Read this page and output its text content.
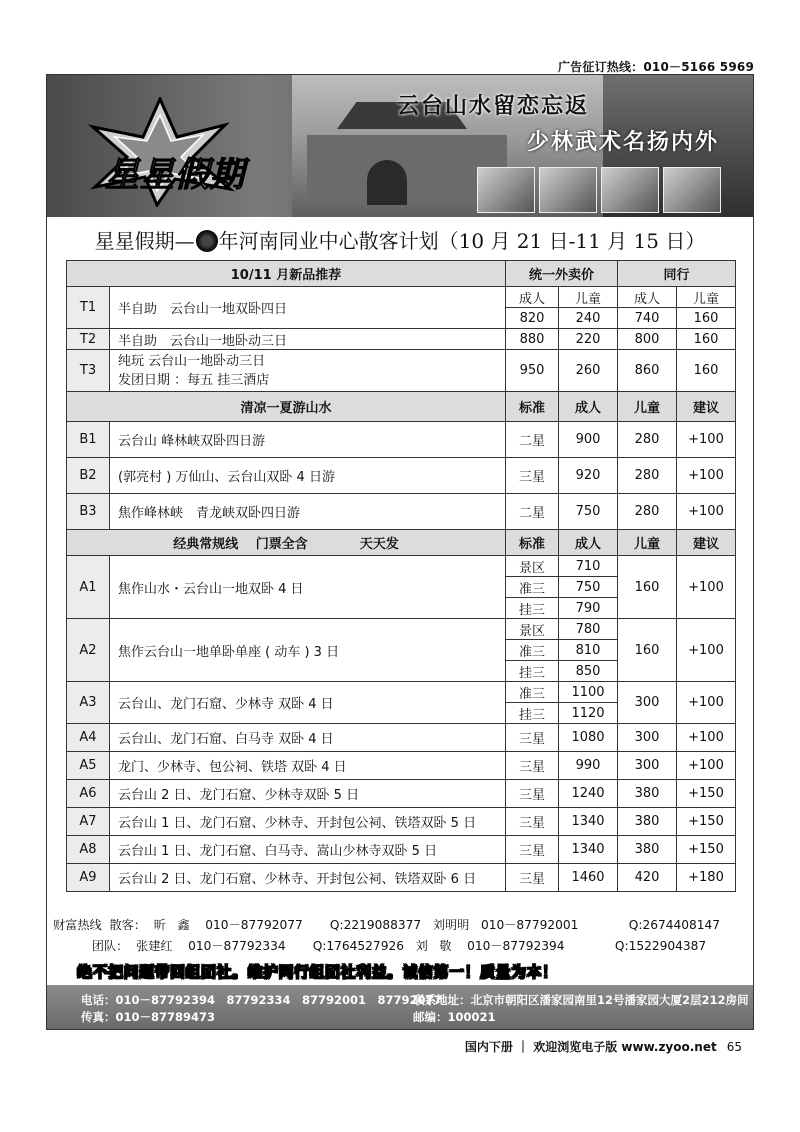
广告征订热线：010－5166 5969
云台山水留恋忘返
少林武术名扬内外
星星假期
星星假期— 年河南同业中心散客计划（10 月 21 日-11 月 15 日）
10/11 月新品推荐		统一外卖价		同行	
T1	半自助　云台山一地双卧四日	成人	儿童	成人	儿童
		820	240	740	160
T2	半自助　云台山一地卧动三日	880	220	800	160
T3	纯玩 云台山一地卧动三日
发团日期 ：每五 挂三酒店	950	260	860	160
清凉一夏游山水		标准	成人	儿童	建议
B1	云台山 峰林峡双卧四日游	二星	900	280	+100
B2	(郭亮村 ) 万仙山、云台山双卧 4 日游	三星	920	280	+100
B3	焦作峰林峡　青龙峡双卧四日游	二星	750	280	+100
经典常规线　 门票全含　　　　天天发		标准	成人	儿童	建议
A1	焦作山水・云台山一地双卧 4 日	景区	710	160	+100
		准三	750		
		挂三	790		
A2	焦作云台山一地单卧单座 ( 动车 ) 3 日	景区	780	160	+100
		准三	810		
		挂三	850		
A3	云台山、龙门石窟、少林寺 双卧 4 日	准三	1100	300	+100
		挂三	1120		
A4	云台山、龙门石窟、白马寺 双卧 4 日	三星	1080	300	+100
A5	龙门、少林寺、包公祠、铁塔 双卧 4 日	三星	990	300	+100
A6	云台山 2 日、龙门石窟、少林寺双卧 5 日	三星	1240	380	+150
A7	云台山 1 日、龙门石窟、少林寺、开封包公祠、铁塔双卧 5 日	三星	1340	380	+150
A8	云台山 1 日、龙门石窟、白马寺、嵩山少林寺双卧 5 日	三星	1340	380	+150
A9	云台山 2 日、龙门石窟、少林寺、开封包公祠、铁塔双卧 6 日	三星	1460	420	+180
财富热线  散客：  昕   鑫    010－87792077       Q:2219088377   刘明明   010－87792001             Q:2674408147
团队：  张建红    010－87792334       Q:1764527926   刘   敬    010－87792394             Q:1522904387
绝不把问题带回组团社。维护同行组团社利益。诚信第一！质量为本！
电话：010－87792394　87792334　87792001　87792077
传真：010－87789473
联系地址：北京市朝阳区潘家园南里12号潘家园大厦2层212房间
邮编：100021
国内下册 ｜ 欢迎浏览电子版 www.zyoo.net 65
